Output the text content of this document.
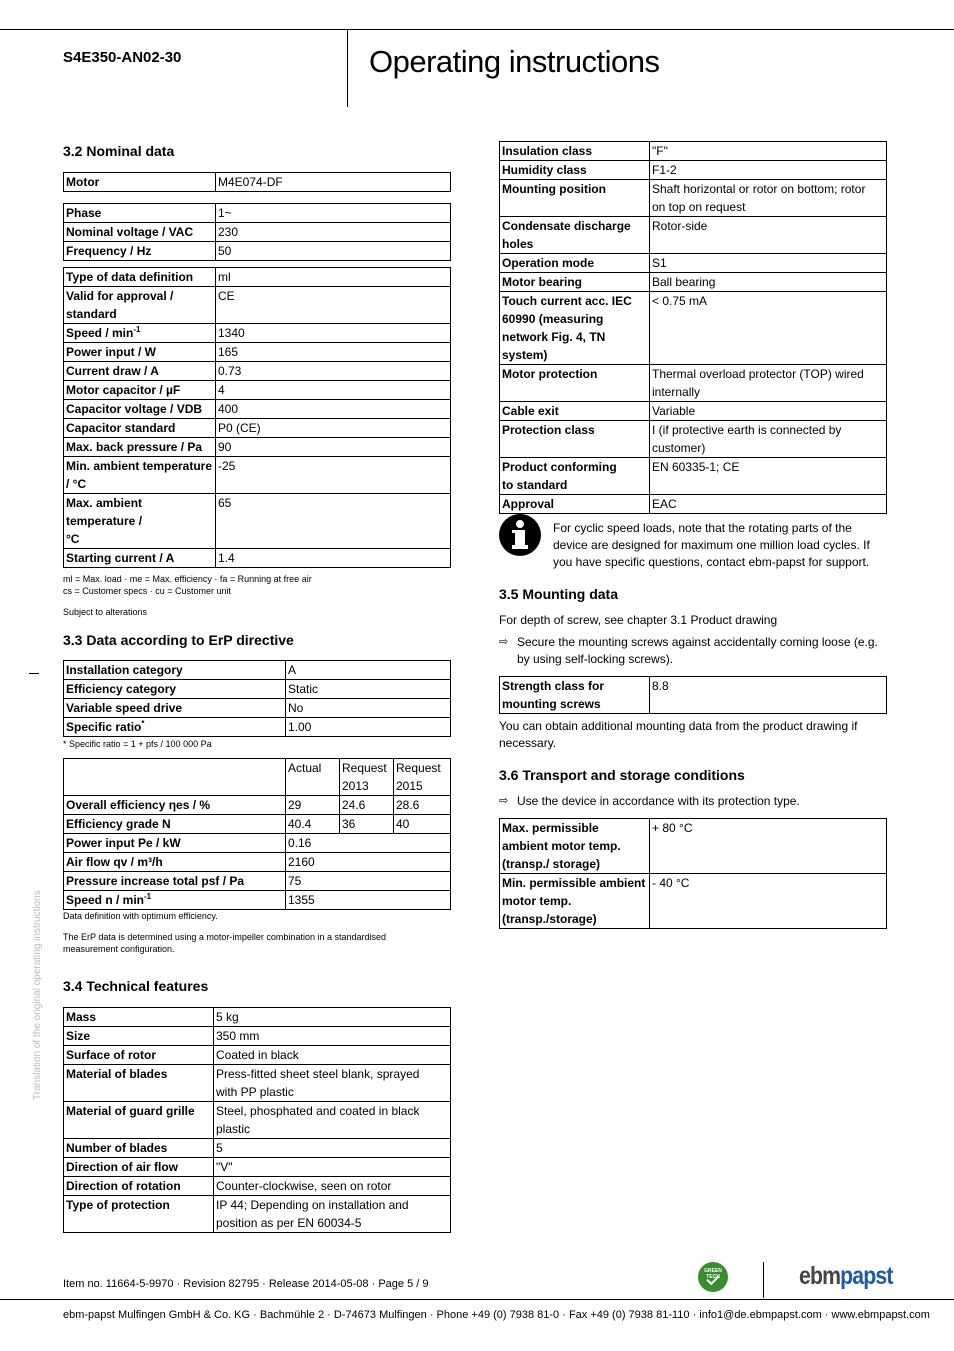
S4E350-AN02-30	Operating instructions
Translation of the original operating instructions
3.2 Nominal data
Motor	M4E074-DF
Phase	1~
Nominal voltage / VAC	230
Frequency / Hz	50
Type of data definition	ml
Valid for approval / standard	CE
Speed / $\min^{-1}$	1340
Power input / W	165
Current draw / A	0.73
Motor capacitor / µF	4
Capacitor voltage / VDB	400
Capacitor standard	P0 (CE)
Max. back pressure / Pa	90
Min. ambient temperature / °C	-25
Max. ambient temperature / °C	65
Starting current / A	1.4
ml = Max. load · me = Max. efficiency · fa = Running at free air
cs = Customer specs · cu = Customer unit
Subject to alterations
3.3 Data according to ErP directive
Installation category	A
Efficiency category	Static
Variable speed drive	No
Specific ratio*	1.00
* Specific ratio = 1 + pfs / 100 000 Pa
	Actual	Request 2013	Request 2015
Overall efficiency ηes / %	29	24.6	28.6
Efficiency grade N	40.4	36	40
Power input Pe / kW	0.16		
Air flow qv / m³/h	2160		
Pressure increase total psf / Pa	75		
Speed n / $\min^{-1}$	1355		
Data definition with optimum efficiency.
The ErP data is determined using a motor-impeller combination in a standardised measurement configuration.
3.4 Technical features
Mass	5 kg
Size	350 mm
Surface of rotor	Coated in black
Material of blades	Press-fitted sheet steel blank, sprayed with PP plastic
Material of guard grille	Steel, phosphated and coated in black plastic
Number of blades	5
Direction of air flow	"V"
Direction of rotation	Counter-clockwise, seen on rotor
Type of protection	IP 44; Depending on installation and position as per EN 60034-5
Insulation class	"F"
Humidity class	F1-2
Mounting position	Shaft horizontal or rotor on bottom; rotor on top on request
Condensate discharge holes	Rotor-side
Operation mode	S1
Motor bearing	Ball bearing
Touch current acc. IEC 60990 (measuring network Fig. 4, TN system)	< 0.75 mA
Motor protection	Thermal overload protector (TOP) wired internally
Cable exit	Variable
Protection class	I (if protective earth is connected by customer)
Product conforming to standard	EN 60335-1; CE
Approval	EAC
For cyclic speed loads, note that the rotating parts of the device are designed for maximum one million load cycles. If you have specific questions, contact ebm-papst for support.
3.5 Mounting data
For depth of screw, see chapter 3.1 Product drawing
⇨ Secure the mounting screws against accidentally coming loose (e.g. by using self-locking screws).
Strength class for mounting screws	8.8
You can obtain additional mounting data from the product drawing if necessary.
3.6 Transport and storage conditions
⇨ Use the device in accordance with its protection type.
Max. permissible ambient motor temp. (transp./ storage)	+ 80 °C
Min. permissible ambient motor temp. (transp./storage)	- 40 °C
Item no. 11664-5-9970 · Revision 82795 · Release 2014-05-08 · Page 5 / 9
GREEN TECH	ebmpapst
ebm-papst Mulfingen GmbH & Co. KG · Bachmühle 2 · D-74673 Mulfingen · Phone +49 (0) 7938 81-0 · Fax +49 (0) 7938 81-110 · info1@de.ebmpapst.com · www.ebmpapst.com
